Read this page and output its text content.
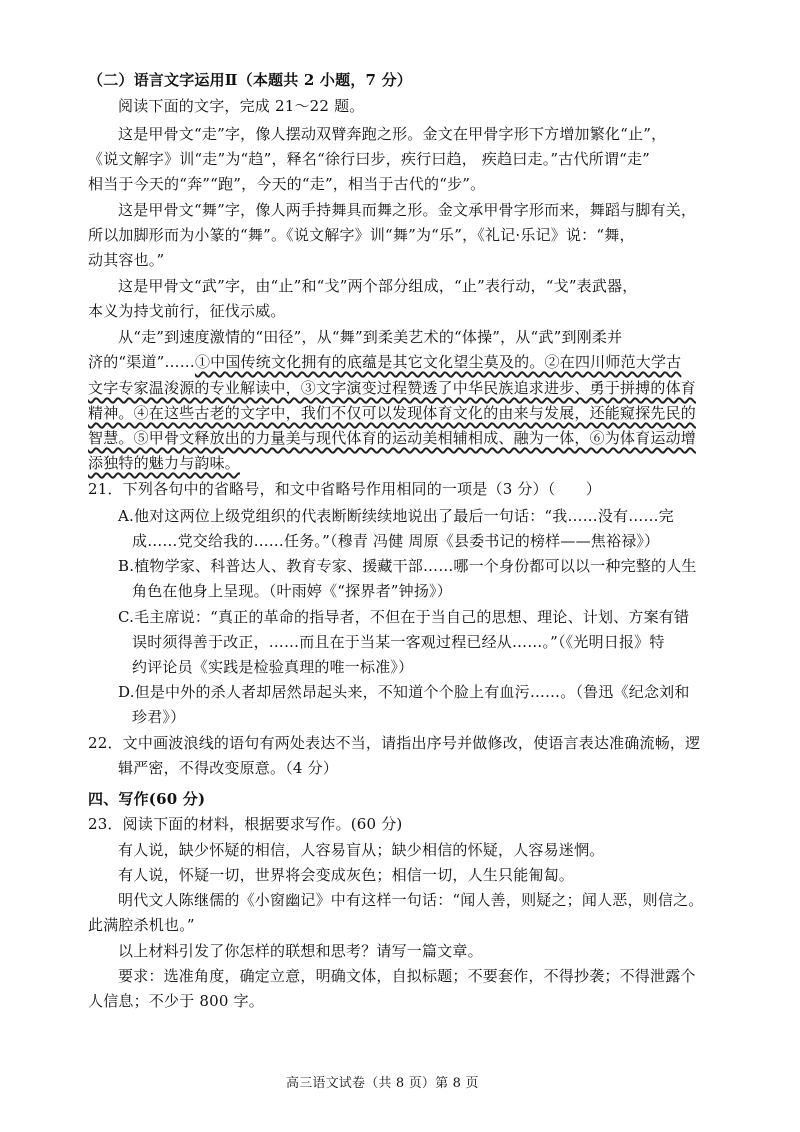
（二）语言文字运用Ⅱ（本题共 2 小题，7 分）
阅读下面的文字，完成 21～22 题。
这是甲骨文“走”字，像人摆动双臂奔跑之形。金文在甲骨字形下方增加繁化“止”，
《说文解字》训“走”为“趋”，释名“徐行曰步，疾行曰趋， 疾趋曰走。”古代所谓“走”
相当于今天的“奔”“跑”，今天的“走”，相当于古代的“步”。
这是甲骨文“舞”字，像人两手持舞具而舞之形。金文承甲骨字形而来，舞蹈与脚有关，
所以加脚形而为小篆的“舞”。《说文解字》训“舞”为“乐”，《礼记·乐记》说：“舞，
动其容也。”
这是甲骨文“武”字，由“止”和“戈”两个部分组成，“止”表行动，“戈”表武器，
本义为持戈前行，征伐示威。
从“走”到速度激情的“田径”，从“舞”到柔美艺术的“体操”，从“武”到刚柔并
济的“渠道”……①中国传统文化拥有的底蕴是其它文化望尘莫及的。②在四川师范大学古
文字专家温浚源的专业解读中，③文字演变过程赞透了中华民族追求进步、勇于拼搏的体育
精神。④在这些古老的文字中，我们不仅可以发现体育文化的由来与发展，还能窥探先民的
智慧。⑤甲骨文释放出的力量美与现代体育的运动美相辅相成、融为一体，⑥为体育运动增
添独特的魅力与韵味。
21．下列各句中的省略号，和文中省略号作用相同的一项是（3 分）（　　）
A.他对这两位上级党组织的代表断断续续地说出了最后一句话：“我……没有……完
成……党交给我的……任务。”（穆青 冯健 周原《县委书记的榜样——焦裕禄》）
B.植物学家、科普达人、教育专家、援藏干部……哪一个身份都可以以一种完整的人生
角色在他身上呈现。（叶雨婷《“探界者”钟扬》）
C.毛主席说：“真正的革命的指导者，不但在于当自己的思想、理论、计划、方案有错
误时须得善于改正，……而且在于当某一客观过程已经从……。”（《光明日报》特
约评论员《实践是检验真理的唯一标准》）
D.但是中外的杀人者却居然昂起头来，不知道个个脸上有血污……。（鲁迅《纪念刘和
珍君》）
22．文中画波浪线的语句有两处表达不当，请指出序号并做修改，使语言表达准确流畅，逻
辑严密，不得改变原意。（4 分）
四、写作(60 分)
23．阅读下面的材料，根据要求写作。(60 分)
有人说，缺少怀疑的相信，人容易盲从；缺少相信的怀疑，人容易迷惘。
有人说，怀疑一切，世界将会变成灰色；相信一切，人生只能匍匐。
明代文人陈继儒的《小窗幽记》中有这样一句话：“闻人善，则疑之；闻人恶，则信之。
此满腔杀机也。”
以上材料引发了你怎样的联想和思考？请写一篇文章。
要求：选准角度，确定立意，明确文体，自拟标题；不要套作，不得抄袭；不得泄露个
人信息；不少于 800 字。
高三语文试卷（共 8 页）第 8 页
